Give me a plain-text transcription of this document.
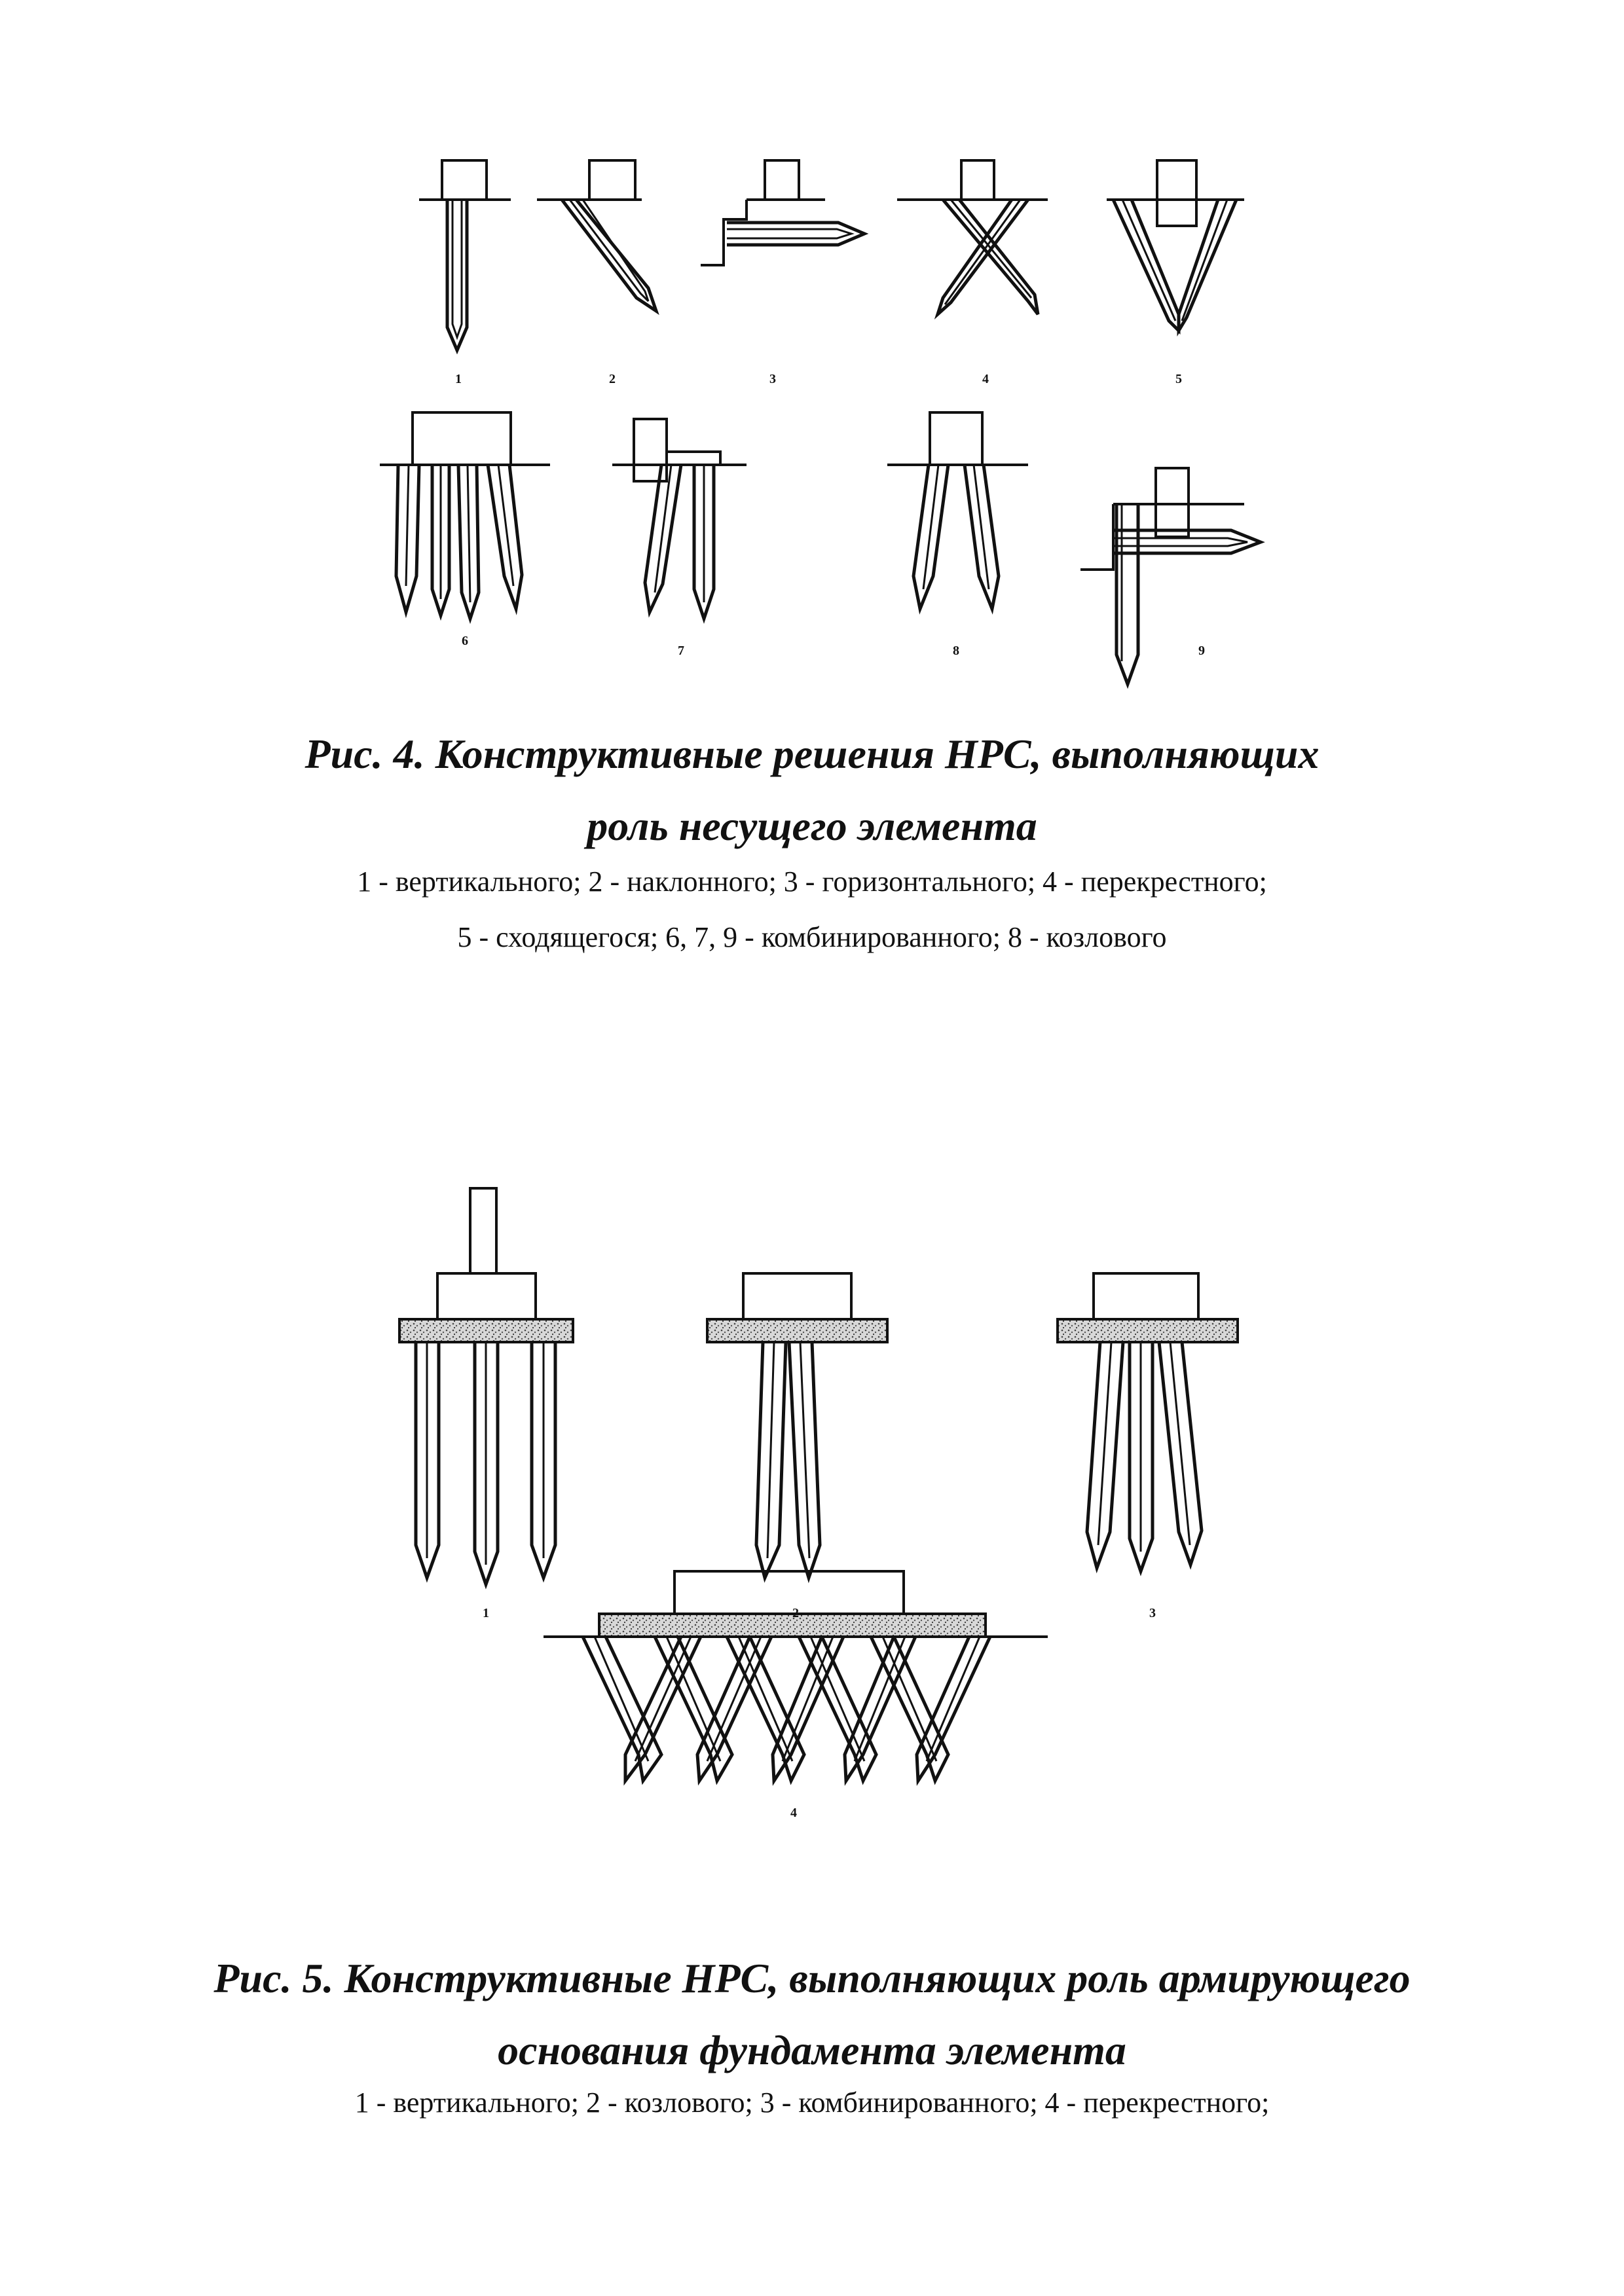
1	2	3	4	5
6
7	8	9
1	2	3
4

Рис. 4. Конструктивные решения НРС, выполняющих

роль несущего элемента

1 - вертикального; 2 - наклонного; 3 - горизонтального; 4 - перекрестного;

5 - сходящегося; 6, 7, 9 - комбинированного; 8 - козлового

Рис. 5. Конструктивные НРС, выполняющих роль армирующего

основания фундамента элемента

1 - вертикального; 2 - козлового; 3 - комбинированного; 4 - перекрестного;
